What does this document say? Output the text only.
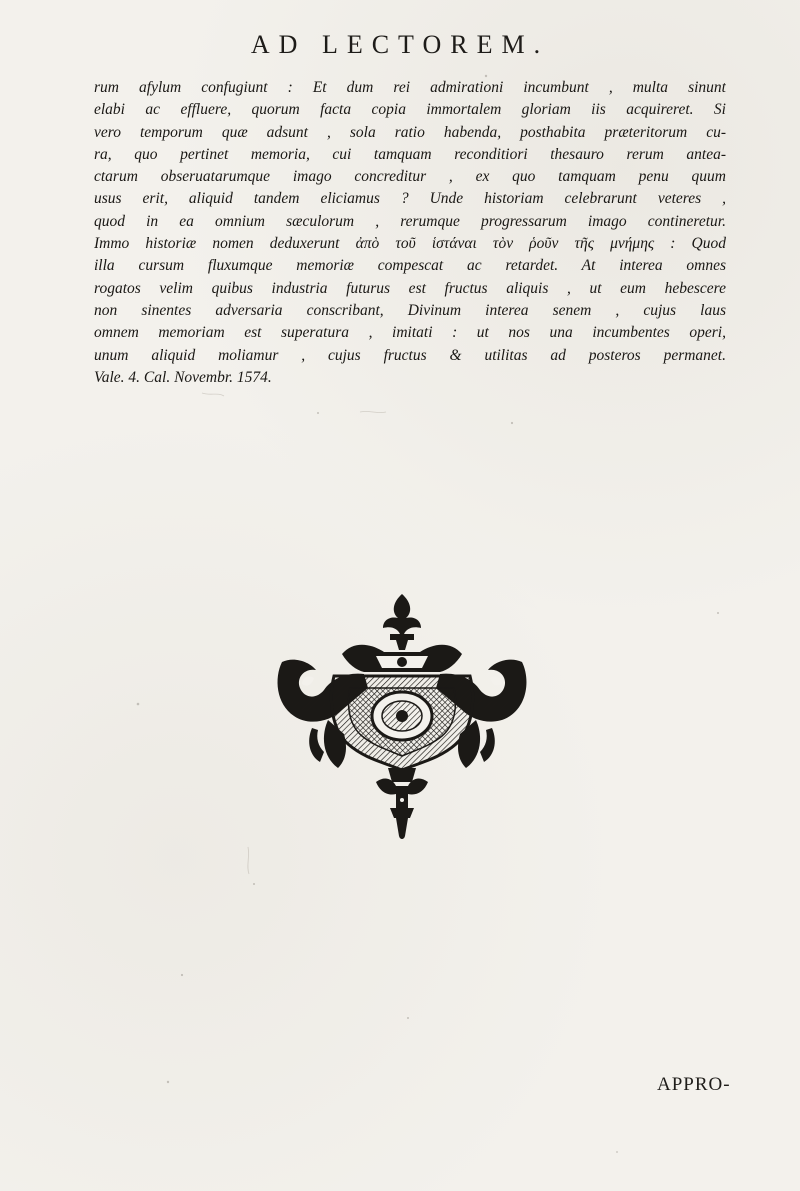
AD LECTOREM.
rum afylum confugiunt : Et dum rei admirationi incumbunt , multa sinunt
elabi ac effluere, quorum facta copia immortalem gloriam iis acquireret. Si
vero temporum quæ adsunt , sola ratio habenda, posthabita præteritorum cu-
ra, quo pertinet memoria, cui tamquam reconditiori thesauro rerum antea-
ctarum obseruatarumque imago concreditur , ex quo tamquam penu quum
usus erit, aliquid tandem eliciamus ? Unde historiam celebrarunt veteres ,
quod in ea omnium sæculorum , rerumque progressarum imago contineretur.
Immo historiæ nomen deduxerunt ἀπὸ τοῦ ἱστάναι τὸν ῥοῦν τῆς μνήμης : Quod
illa cursum fluxumque memoriæ compescat ac retardet. At interea omnes
rogatos velim quibus industria futurus est fructus aliquis , ut eum hebescere
non sinentes adversaria conscribant, Divinum interea senem , cujus laus
omnem memoriam est superatura , imitati : ut nos una incumbentes operi,
unum aliquid moliamur , cujus fructus & utilitas ad posteros permanet.
Vale. 4. Cal. Novembr. 1574.
APPRO-
